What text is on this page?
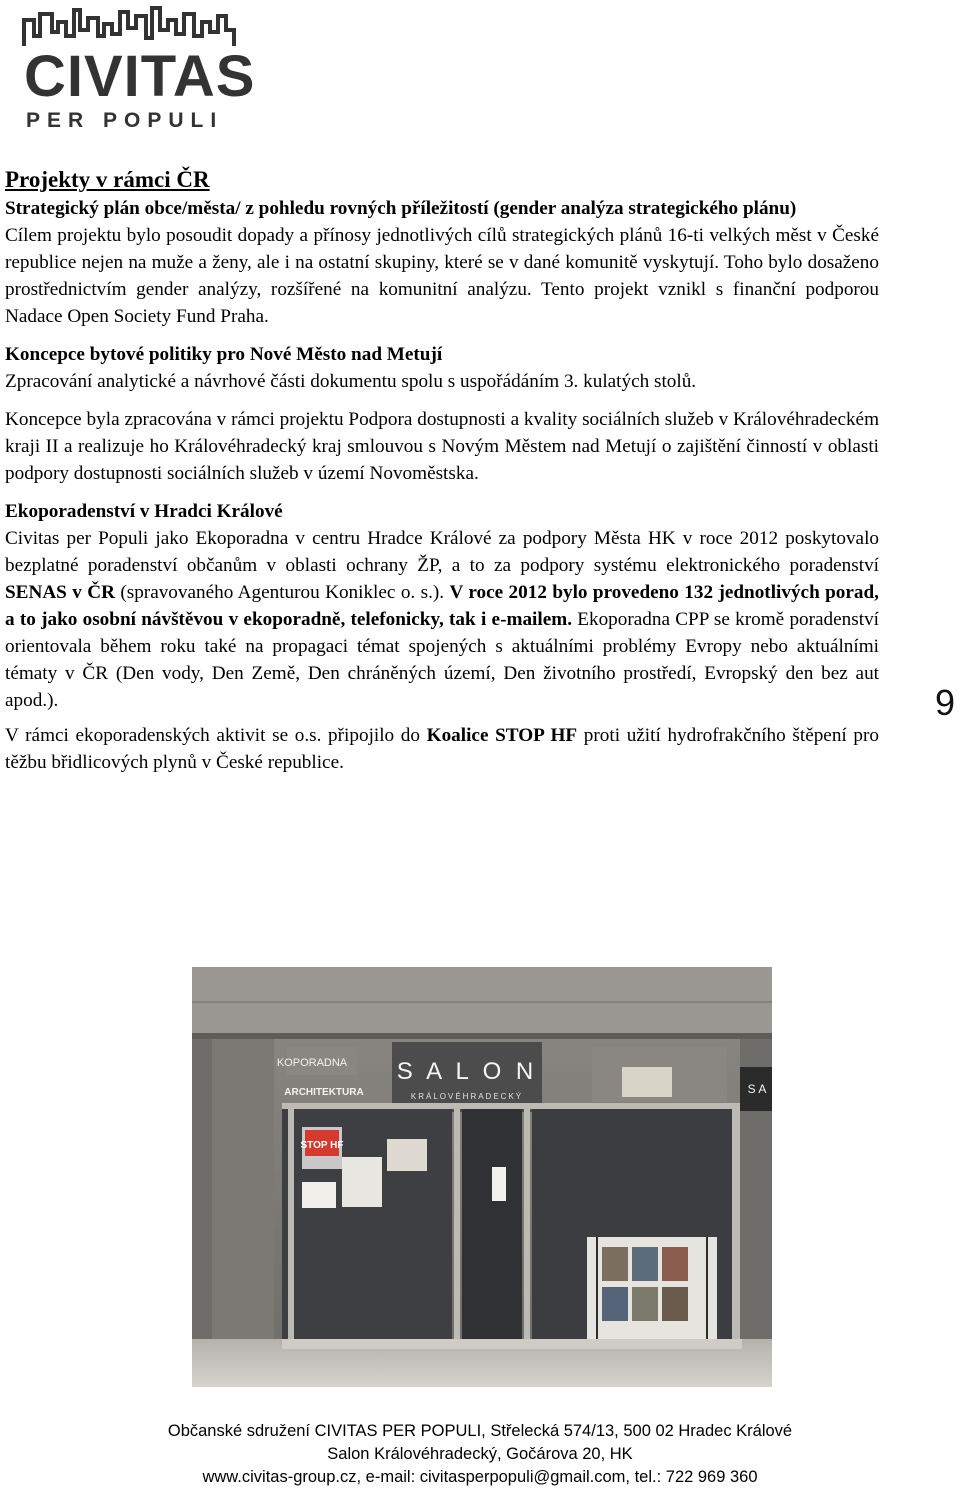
CIVITAS
PER POPULI

Projekty v rámci ČR

Strategický plán obce/města/ z pohledu rovných příležitostí (gender analýza strategického plánu)

Cílem projektu bylo posoudit dopady a přínosy jednotlivých cílů strategických plánů 16-ti velkých měst v České republice nejen na muže a ženy, ale i na ostatní skupiny, které se v dané komunitě vyskytují. Toho bylo dosaženo prostřednictvím gender analýzy, rozšířené na komunitní analýzu. Tento projekt vznikl s finanční podporou Nadace Open Society Fund Praha.

Koncepce bytové politiky pro Nové Město nad Metují

Zpracování analytické a návrhové části dokumentu spolu s uspořádáním 3. kulatých stolů.

Koncepce byla zpracována v rámci projektu Podpora dostupnosti a kvality sociálních služeb v Královéhradeckém kraji II a realizuje ho Královéhradecký kraj smlouvou s Novým Městem nad Metují o zajištění činností v oblasti podpory dostupnosti sociálních služeb v území Novoměstska.

Ekoporadenství v Hradci Králové

Civitas per Populi jako Ekoporadna v centru Hradce Králové za podpory Města HK v roce 2012 poskytovalo bezplatné poradenství občanům v oblasti ochrany ŽP, a to za podpory systému elektronického poradenství SENAS v ČR (spravovaného Agenturou Koniklec o. s.). V roce 2012 bylo provedeno 132 jednotlivých porad, a to jako osobní návštěvou v ekoporadně, telefonicky, tak i e-mailem. Ekoporadna CPP se kromě poradenství orientovala během roku také na propagaci témat spojených s aktuálními problémy Evropy nebo aktuálními tématy v ČR (Den vody, Den Země, Den chráněných území, Den životního prostředí, Evropský den bez aut apod.).

V rámci ekoporadenských aktivit se o.s. připojilo do Koalice STOP HF proti užití hydrofrakčního štěpení pro těžbu břidlicových plynů v České republice.

9
KOPORADNA
ARCHITEKTURA
S A L O N
KRÁLOVÉHRADECKÝ
STOP HF
S A
Občanské sdružení CIVITAS PER POPULI, Střelecká 574/13, 500 02 Hradec Králové
Salon Královéhradecký, Gočárova 20, HK
www.civitas-group.cz, e-mail: civitasperpopuli@gmail.com, tel.: 722 969 360
